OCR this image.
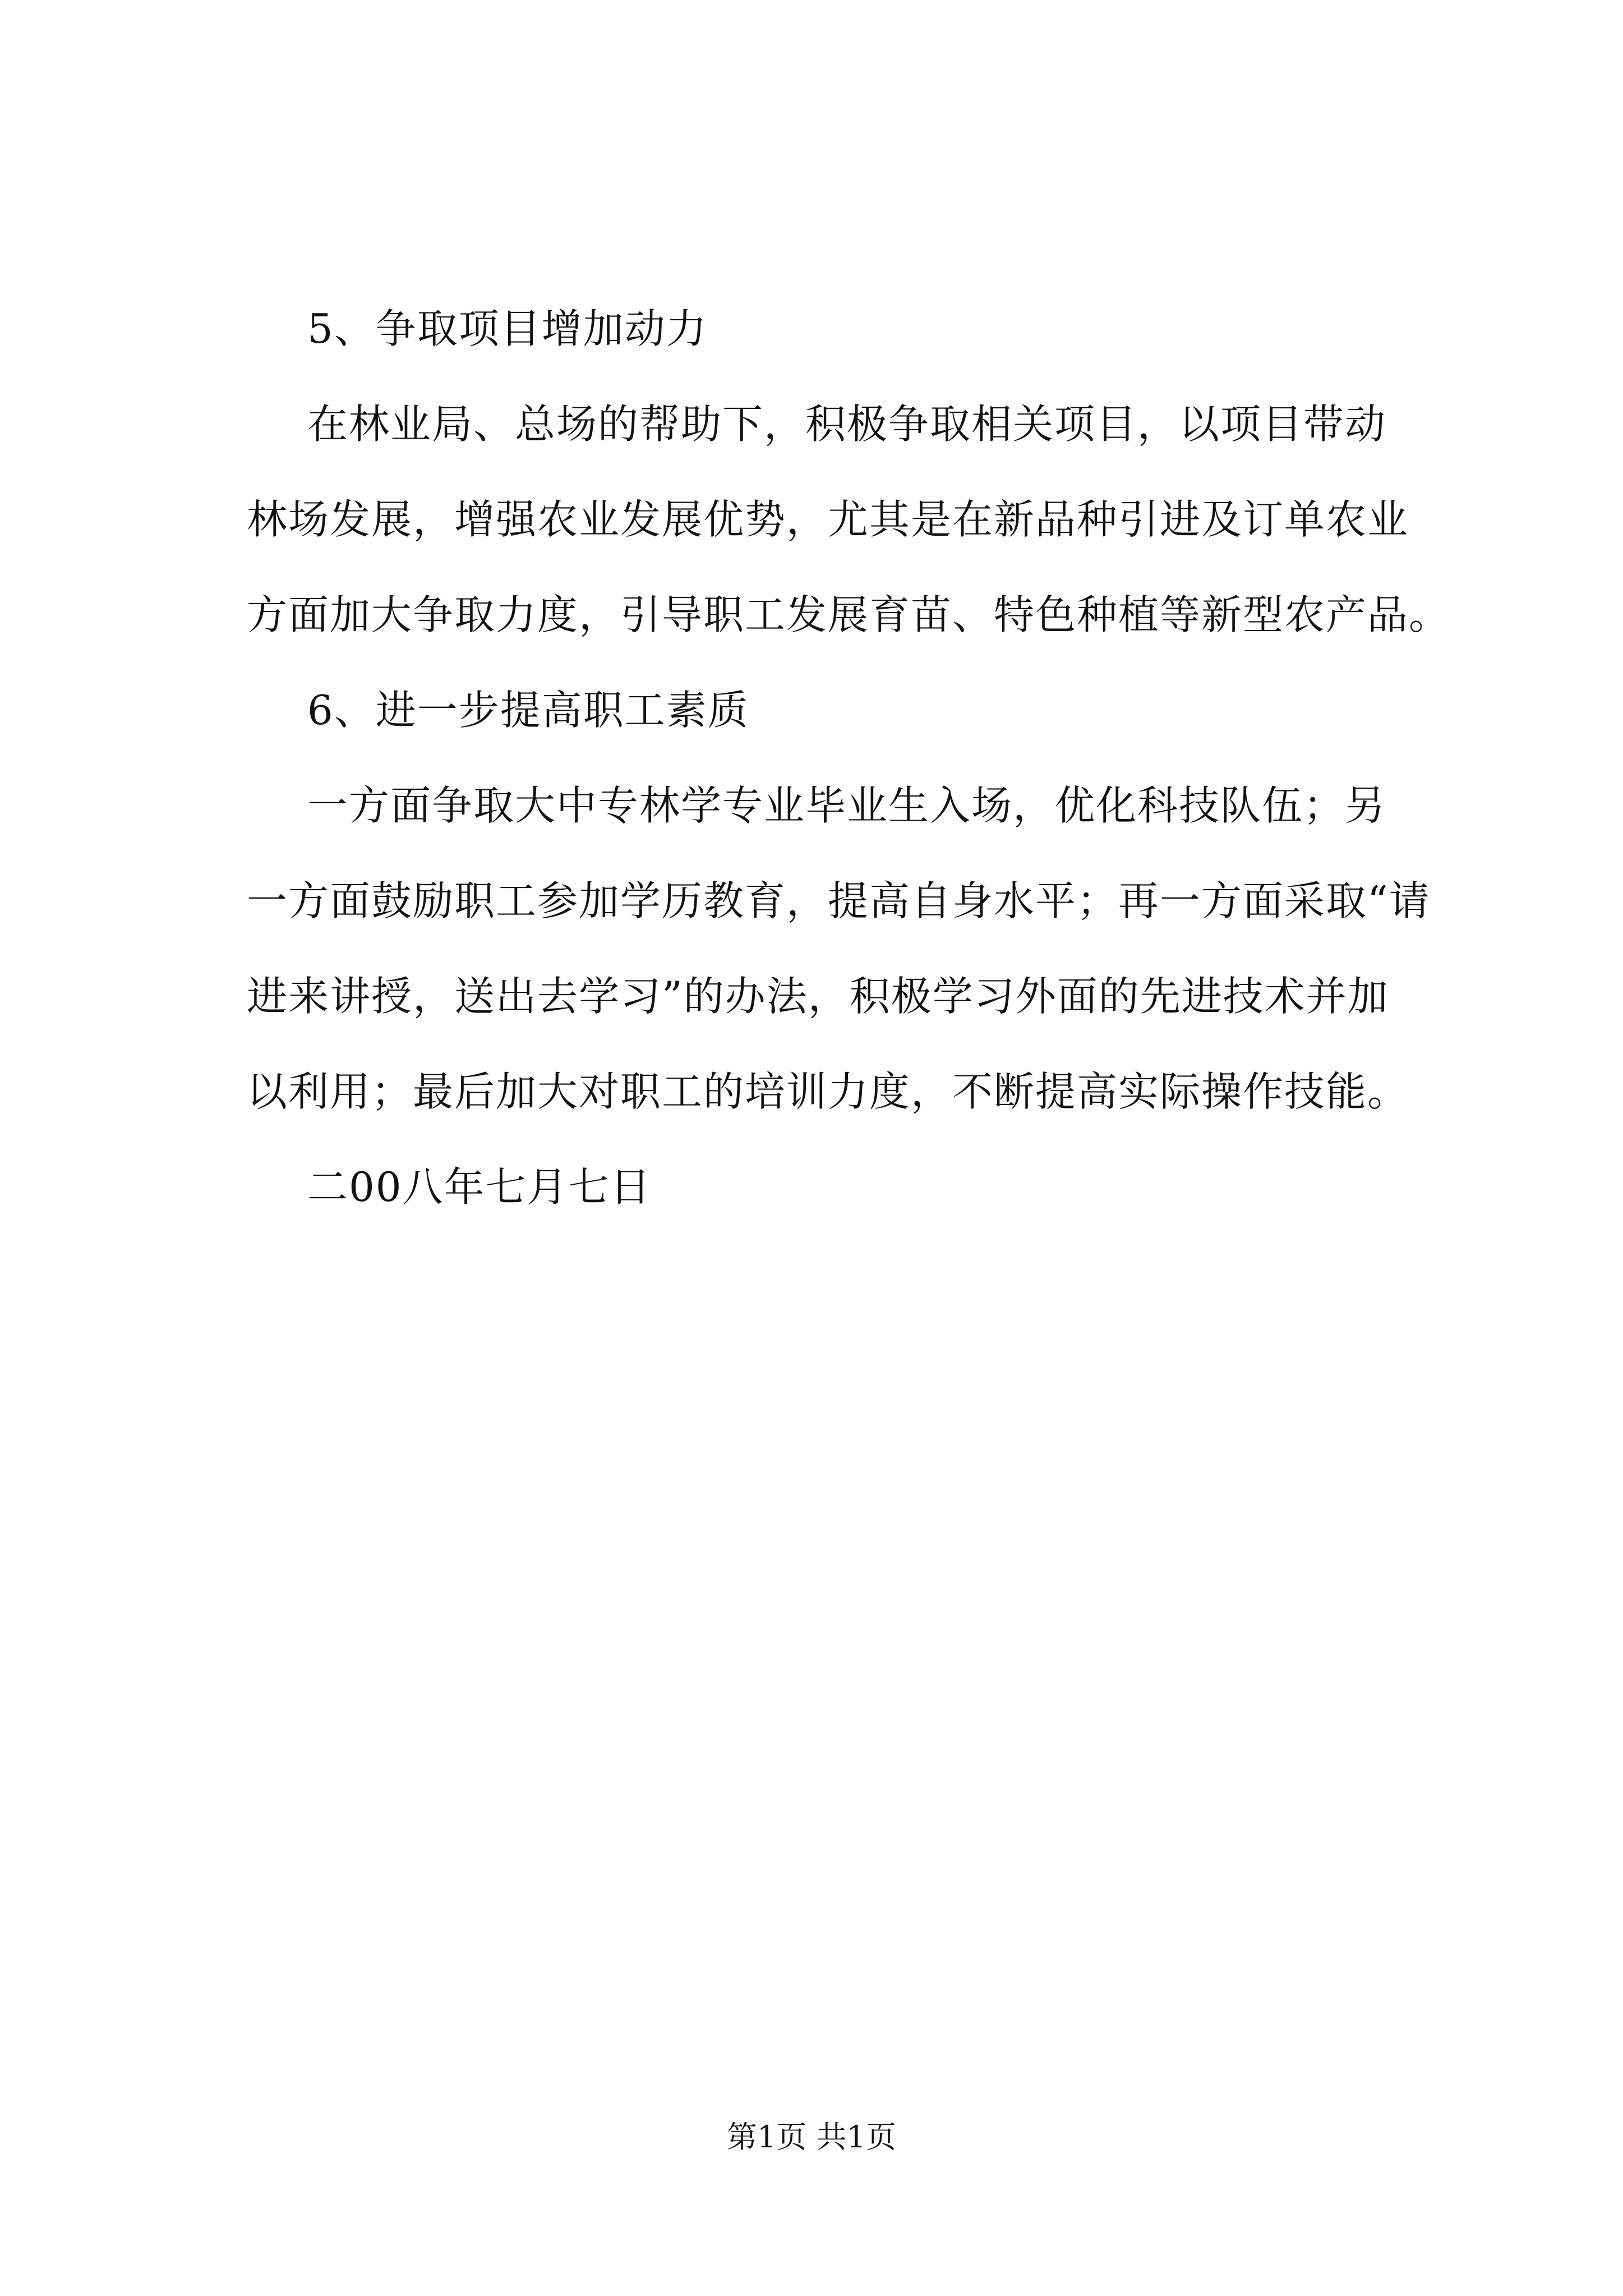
5、争取项目增加动力

在林业局、总场的帮助下，积极争取相关项目，以项目带动

林场发展，增强农业发展优势，尤其是在新品种引进及订单农业

方面加大争取力度，引导职工发展育苗、特色种植等新型农产品。

6、进一步提高职工素质

一方面争取大中专林学专业毕业生入场，优化科技队伍；另

一方面鼓励职工参加学历教育，提高自身水平；再一方面采取“请

进来讲授，送出去学习”的办法，积极学习外面的先进技术并加

以利用；最后加大对职工的培训力度，不断提高实际操作技能。

二00八年七月七日

第1页 共1页
